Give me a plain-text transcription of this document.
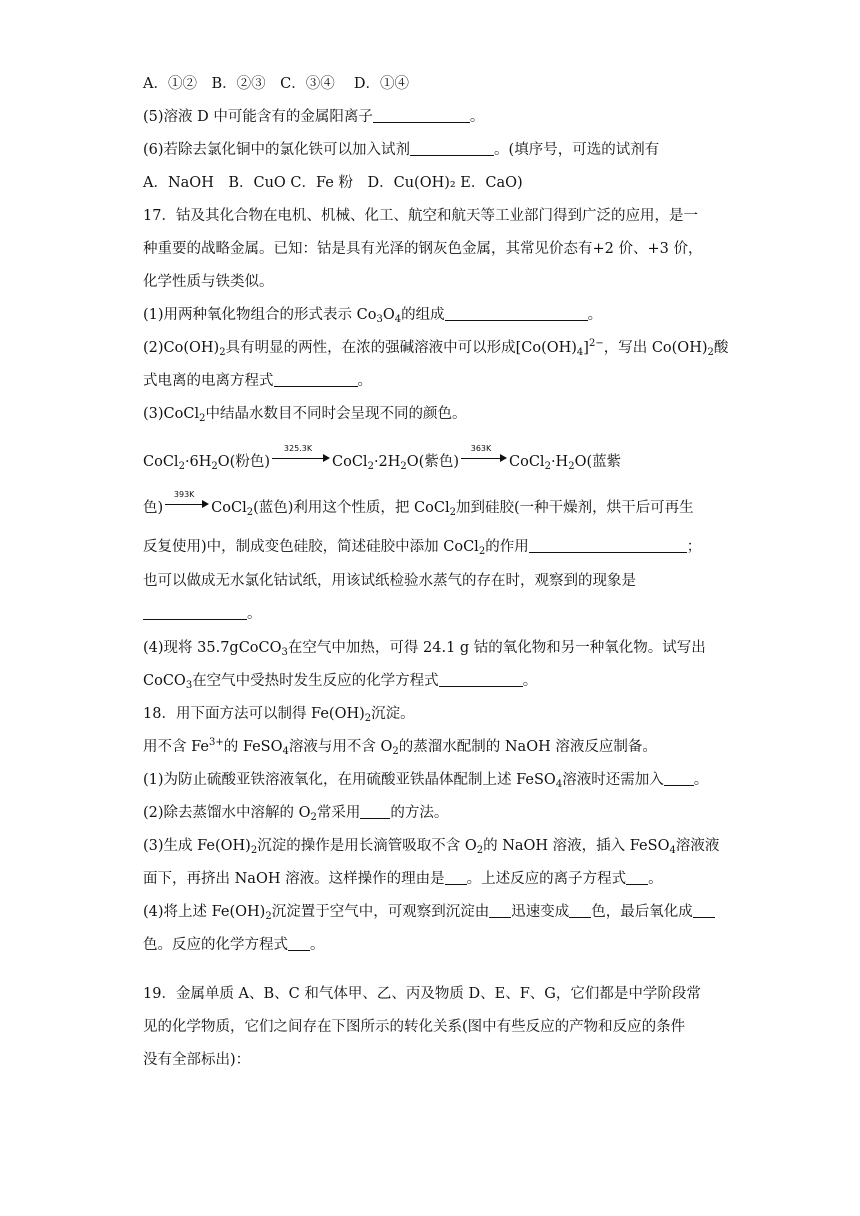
A．①②　B．②③　C．③④　 D．①④
(5)溶液 D 中可能含有的金属阳离子	。
(6)若除去氯化铜中的氯化铁可以加入试剂	。(填序号，可选的试剂有
A．NaOH　B．CuO C．Fe 粉　D．Cu(OH)₂ E．CaO)
17．钴及其化合物在电机、机械、化工、航空和航天等工业部门得到广泛的应用，是一
种重要的战略金属。已知：钴是具有光泽的钢灰色金属，其常见价态有+2 价、+3 价，
化学性质与铁类似。
(1)用两种氧化物组合的形式表示 $Co_3O_4$的组成	。
$(2)Co(OH)_2$具有明显的两性，在浓的强碱溶液中可以形成$[Co(OH)_4]^{2-}$，写出 $Co(OH)_2$酸
式电离的电离方程式	。
(3)CoCl$_2$中结晶水数目不同时会呈现不同的颜色。
$CoCl_2\cdot 6H_2O$(粉色)
325.3K
$CoCl_2\cdot 2H_2O$(紫色)
363K
$CoCl_2\cdot H_2O$(蓝紫
色)
393K
CoCl$_2$(蓝色)利用这个性质，把 CoCl$_2$加到硅胶(一种干燥剂，烘干后可再生
反复使用)中，制成变色硅胶，简述硅胶中添加 CoCl$_2$的作用	；
也可以做成无水氯化钴试纸，用该试纸检验水蒸气的存在时，观察到的现象是
。
(4)现将 35.7gCoCO$_3$在空气中加热，可得 24.1 g 钴的氧化物和另一种氧化物。试写出
CoCO$_3$在空气中受热时发生反应的化学方程式	。
18．用下面方法可以制得 $Fe(OH)_2$沉淀。
用不含 $Fe^{3+}$的 FeSO$_4$溶液与用不含 $O_2$的蒸溜水配制的 NaOH 溶液反应制备。
(1)为防止硫酸亚铁溶液氧化，在用硫酸亚铁晶体配制上述 FeSO$_4$溶液时还需加入 。
(2)除去蒸馏水中溶解的 $O_2$常采用 的方法。
(3)生成 $Fe(OH)_2$沉淀的操作是用长滴管吸取不含 $O_2$的 NaOH 溶液，插入 FeSO$_4$溶液液
面下，再挤出 NaOH 溶液。这样操作的理由是 。上述反应的离子方程式 。
(4)将上述 $Fe(OH)_2$沉淀置于空气中，可观察到沉淀由 迅速变成 色，最后氧化成
色。反应的化学方程式 。
19．金属单质 A、B、C 和气体甲、乙、丙及物质 D、E、F、G，它们都是中学阶段常
见的化学物质，它们之间存在下图所示的转化关系(图中有些反应的产物和反应的条件
没有全部标出)：
